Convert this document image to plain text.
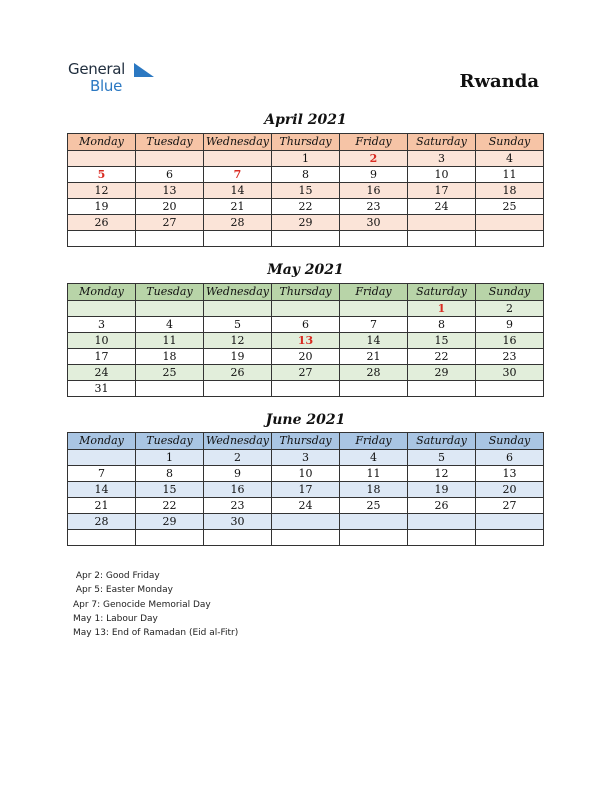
General
Blue	Rwanda
April 2021
Monday	Tuesday	Wednesday	Thursday	Friday	Saturday	Sunday
			1	2	3	4
5	6	7	8	9	10	11
12	13	14	15	16	17	18
19	20	21	22	23	24	25
26	27	28	29	30		

May 2021
Monday	Tuesday	Wednesday	Thursday	Friday	Saturday	Sunday
					1	2
3	4	5	6	7	8	9
10	11	12	13	14	15	16
17	18	19	20	21	22	23
24	25	26	27	28	29	30
31						
June 2021
Monday	Tuesday	Wednesday	Thursday	Friday	Saturday	Sunday
	1	2	3	4	5	6
7	8	9	10	11	12	13
14	15	16	17	18	19	20
21	22	23	24	25	26	27
28	29	30				

Apr 2: Good Friday
Apr 5: Easter Monday
Apr 7: Genocide Memorial Day
May 1: Labour Day
May 13: End of Ramadan (Eid al-Fitr)
